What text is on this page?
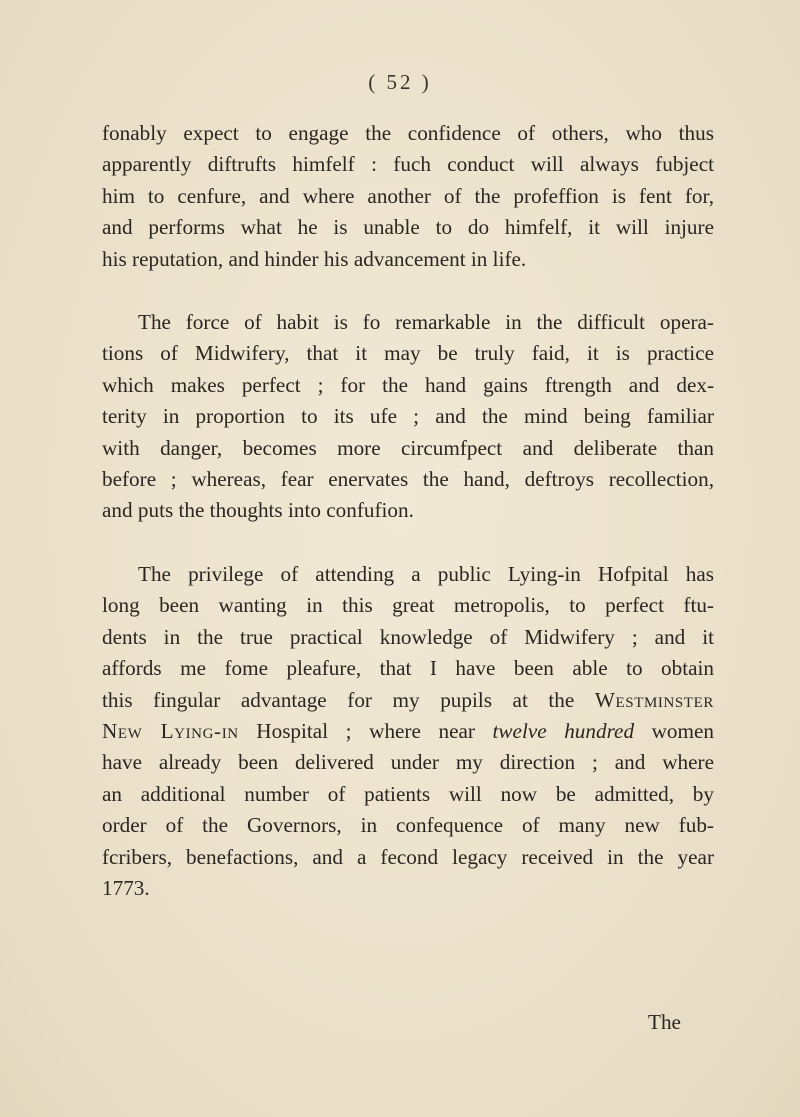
( 52 )
fonably expect to engage the confidence of others, who thus
apparently diftrufts himfelf : fuch conduct will always fubject
him to cenfure, and where another of the profeffion is fent for,
and performs what he is unable to do himfelf, it will injure
his reputation, and hinder his advancement in life.
The force of habit is fo remarkable in the difficult opera-
tions of Midwifery, that it may be truly faid, it is practice
which makes perfect ; for the hand gains ftrength and dex-
terity in proportion to its ufe ; and the mind being familiar
with danger, becomes more circumfpect and deliberate than
before ; whereas, fear enervates the hand, deftroys recollection,
and puts the thoughts into confufion.
The privilege of attending a public Lying-in Hofpital has
long been wanting in this great metropolis, to perfect ftu-
dents in the true practical knowledge of Midwifery ; and it
affords me fome pleafure, that I have been able to obtain
this fingular advantage for my pupils at the Westminster
New Lying-in Hospital ; where near twelve hundred women
have already been delivered under my direction ; and where
an additional number of patients will now be admitted, by
order of the Governors, in confequence of many new fub-
fcribers, benefactions, and a fecond legacy received in the year
1773.
The
